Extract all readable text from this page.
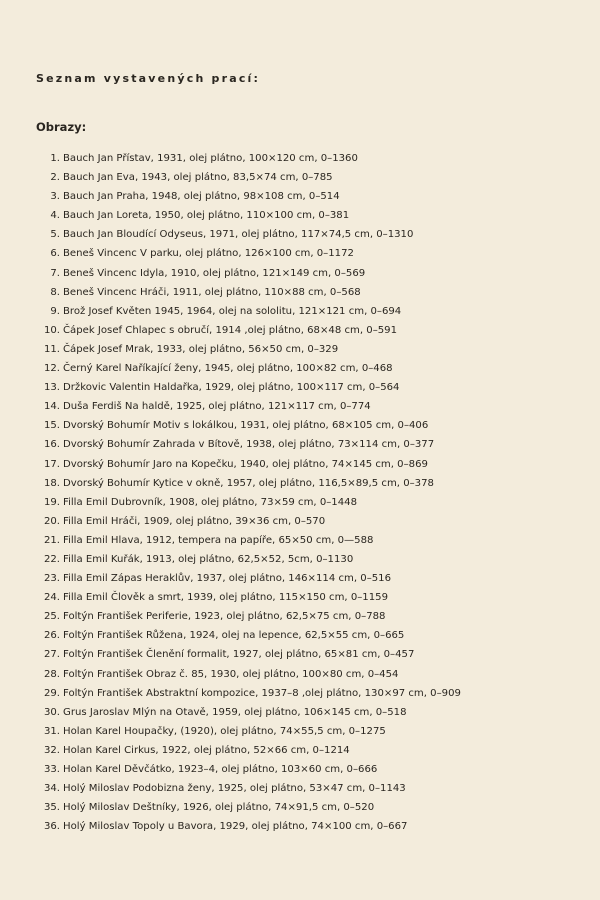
Seznam vystavených prací:
Obrazy:
1. Bauch Jan Přístav, 1931, olej plátno, 100×120 cm, 0–1360
2. Bauch Jan Eva, 1943, olej plátno, 83,5×74 cm, 0–785
3. Bauch Jan Praha, 1948, olej plátno, 98×108 cm, 0–514
4. Bauch Jan Loreta, 1950, olej plátno, 110×100 cm, 0–381
5. Bauch Jan Bloudící Odyseus, 1971, olej plátno, 117×74,5 cm, 0–1310
6. Beneš Vincenc V parku, olej plátno, 126×100 cm, 0–1172
7. Beneš Vincenc Idyla, 1910, olej plátno, 121×149 cm, 0–569
8. Beneš Vincenc Hráči, 1911, olej plátno, 110×88 cm, 0–568
9. Brož Josef Květen 1945, 1964, olej na sololitu, 121×121 cm, 0–694
10. Čápek Josef Chlapec s obručí, 1914 ,olej plátno, 68×48 cm, 0–591
11. Čápek Josef Mrak, 1933, olej plátno, 56×50 cm, 0–329
12. Černý Karel Naříkající ženy, 1945, olej plátno, 100×82 cm, 0–468
13. Držkovic Valentin Haldařka, 1929, olej plátno, 100×117 cm, 0–564
14. Duša Ferdiš Na haldě, 1925, olej plátno, 121×117 cm, 0–774
15. Dvorský Bohumír Motiv s lokálkou, 1931, olej plátno, 68×105 cm, 0–406
16. Dvorský Bohumír Zahrada v Bítově, 1938, olej plátno, 73×114 cm, 0–377
17. Dvorský Bohumír Jaro na Kopečku, 1940, olej plátno, 74×145 cm, 0–869
18. Dvorský Bohumír Kytice v okně, 1957, olej plátno, 116,5×89,5 cm, 0–378
19. Filla Emil Dubrovník, 1908, olej plátno, 73×59 cm, 0–1448
20. Filla Emil Hráči, 1909, olej plátno, 39×36 cm, 0–570
21. Filla Emil Hlava, 1912, tempera na papíře, 65×50 cm, 0—588
22. Filla Emil Kuřák, 1913, olej plátno, 62,5×52, 5cm, 0–1130
23. Filla Emil Zápas Heraklův, 1937, olej plátno, 146×114 cm, 0–516
24. Filla Emil Člověk a smrt, 1939, olej plátno, 115×150 cm, 0–1159
25. Foltýn František Periferie, 1923, olej plátno, 62,5×75 cm, 0–788
26. Foltýn František Růžena, 1924, olej na lepence, 62,5×55 cm, 0–665
27. Foltýn František Členění formalit, 1927, olej plátno, 65×81 cm, 0–457
28. Foltýn František Obraz č. 85, 1930, olej plátno, 100×80 cm, 0–454
29. Foltýn František Abstraktní kompozice, 1937–8 ,olej plátno, 130×97 cm, 0–909
30. Grus Jaroslav Mlýn na Otavě, 1959, olej plátno, 106×145 cm, 0–518
31. Holan Karel Houpačky, (1920), olej plátno, 74×55,5 cm, 0–1275
32. Holan Karel Cirkus, 1922, olej plátno, 52×66 cm, 0–1214
33. Holan Karel Děvčátko, 1923–4, olej plátno, 103×60 cm, 0–666
34. Holý Miloslav Podobizna ženy, 1925, olej plátno, 53×47 cm, 0–1143
35. Holý Miloslav Deštníky, 1926, olej plátno, 74×91,5 cm, 0–520
36. Holý Miloslav Topoly u Bavora, 1929, olej plátno, 74×100 cm, 0–667
